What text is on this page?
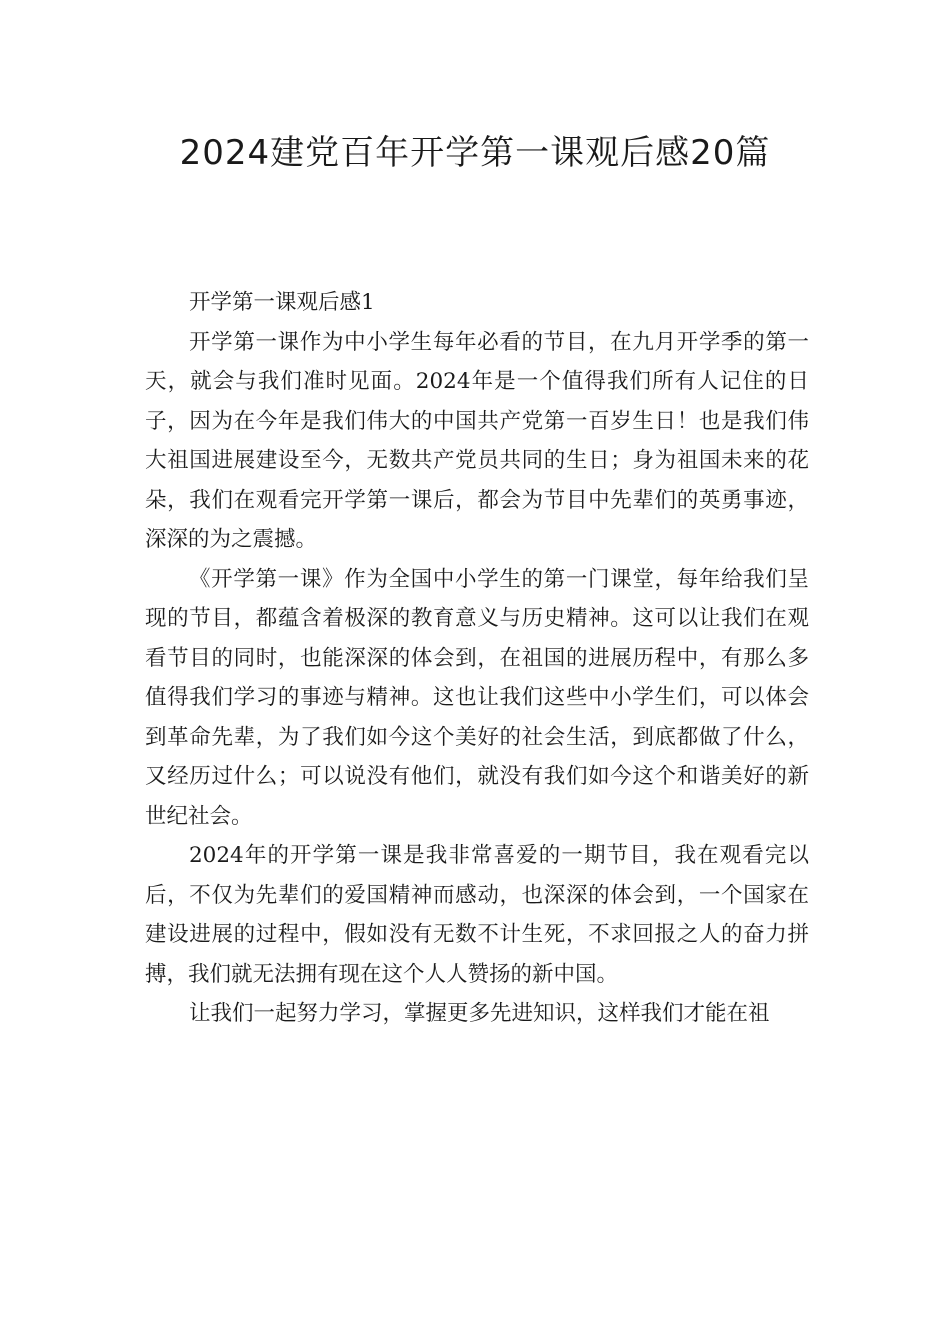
2024建党百年开学第一课观后感20篇

开学第一课观后感1

开学第一课作为中小学生每年必看的节目，在九月开学季的第一天，就会与我们准时见面。2024年是一个值得我们所有人记住的日子，因为在今年是我们伟大的中国共产党第一百岁生日！也是我们伟大祖国进展建设至今，无数共产党员共同的生日；身为祖国未来的花朵，我们在观看完开学第一课后，都会为节目中先辈们的英勇事迹，深深的为之震撼。

《开学第一课》作为全国中小学生的第一门课堂，每年给我们呈现的节目，都蕴含着极深的教育意义与历史精神。这可以让我们在观看节目的同时，也能深深的体会到，在祖国的进展历程中，有那么多值得我们学习的事迹与精神。这也让我们这些中小学生们，可以体会到革命先辈，为了我们如今这个美好的社会生活，到底都做了什么，又经历过什么；可以说没有他们，就没有我们如今这个和谐美好的新世纪社会。

2024年的开学第一课是我非常喜爱的一期节目，我在观看完以后，不仅为先辈们的爱国精神而感动，也深深的体会到，一个国家在建设进展的过程中，假如没有无数不计生死，不求回报之人的奋力拼搏，我们就无法拥有现在这个人人赞扬的新中国。

让我们一起努力学习，掌握更多先进知识，这样我们才能在祖
